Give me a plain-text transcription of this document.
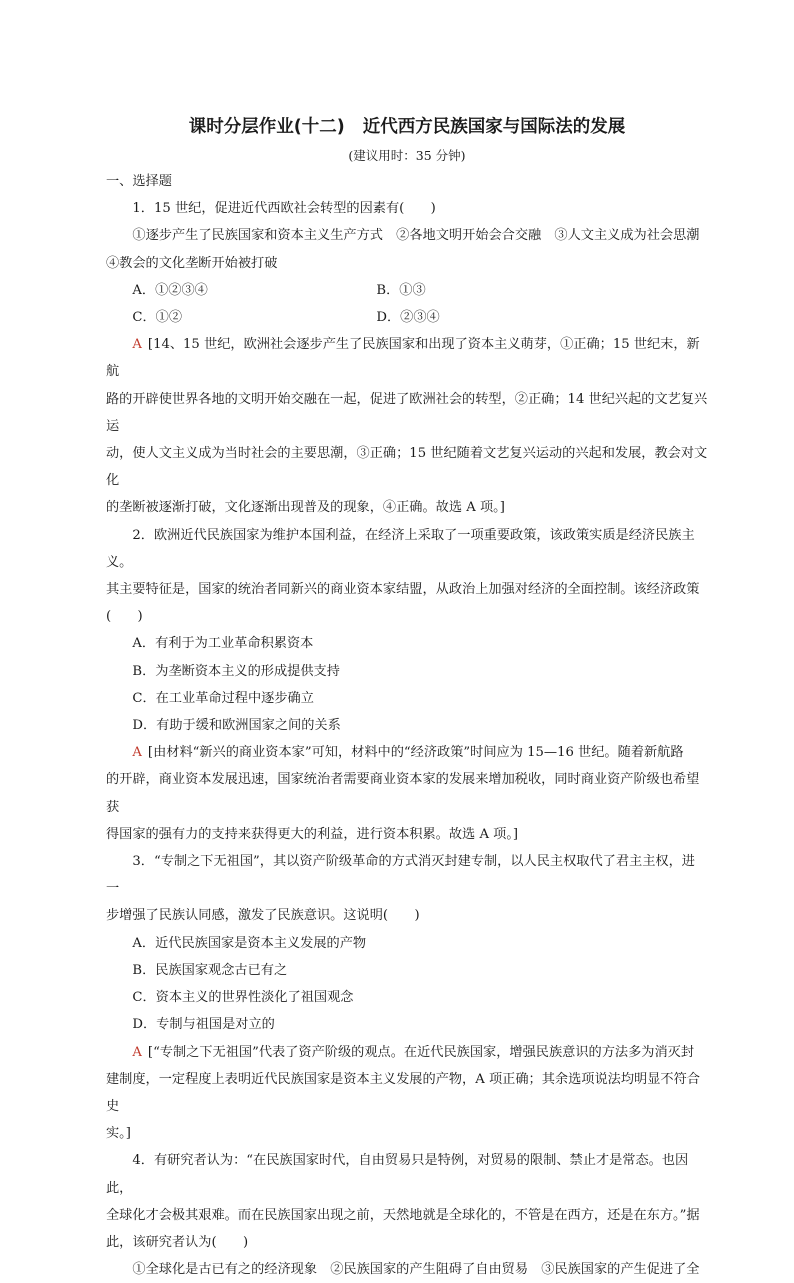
课时分层作业(十二) 近代西方民族国家与国际法的发展

(建议用时：35 分钟)

一、选择题

1．15 世纪，促进近代西欧社会转型的因素有(　　)

①逐步产生了民族国家和资本主义生产方式　②各地文明开始会合交融　③人文主义成为社会思潮

④教会的文化垄断开始被打破

A．①②③④	B．①③
C．①②	D．②③④

A [14、15 世纪，欧洲社会逐步产生了民族国家和出现了资本主义萌芽，①正确；15 世纪末，新航

路的开辟使世界各地的文明开始交融在一起，促进了欧洲社会的转型，②正确；14 世纪兴起的文艺复兴运

动，使人文主义成为当时社会的主要思潮，③正确；15 世纪随着文艺复兴运动的兴起和发展，教会对文化

的垄断被逐渐打破，文化逐渐出现普及的现象，④正确。故选 A 项。]

2．欧洲近代民族国家为维护本国利益，在经济上采取了一项重要政策，该政策实质是经济民族主义。

其主要特征是，国家的统治者同新兴的商业资本家结盟，从政治上加强对经济的全面控制。该经济政策(　　)

A．有利于为工业革命积累资本

B．为垄断资本主义的形成提供支持

C．在工业革命过程中逐步确立

D．有助于缓和欧洲国家之间的关系

A [由材料“新兴的商业资本家”可知，材料中的“经济政策”时间应为 15—16 世纪。随着新航路

的开辟，商业资本发展迅速，国家统治者需要商业资本家的发展来增加税收，同时商业资产阶级也希望获

得国家的强有力的支持来获得更大的利益，进行资本积累。故选 A 项。]

3．“专制之下无祖国”，其以资产阶级革命的方式消灭封建专制，以人民主权取代了君主主权，进一

步增强了民族认同感，激发了民族意识。这说明(　　)

A．近代民族国家是资本主义发展的产物

B．民族国家观念古已有之

C．资本主义的世界性淡化了祖国观念

D．专制与祖国是对立的

A [“专制之下无祖国”代表了资产阶级的观点。在近代民族国家，增强民族意识的方法多为消灭封

建制度，一定程度上表明近代民族国家是资本主义发展的产物，A 项正确；其余选项说法均明显不符合史

实。]

4．有研究者认为：“在民族国家时代，自由贸易只是特例，对贸易的限制、禁止才是常态。也因此，

全球化才会极其艰难。而在民族国家出现之前，天然地就是全球化的，不管是在西方，还是在东方。”据

此，该研究者认为(　　)

①全球化是古已有之的经济现象　②民族国家的产生阻碍了自由贸易　③民族国家的产生促进了全
